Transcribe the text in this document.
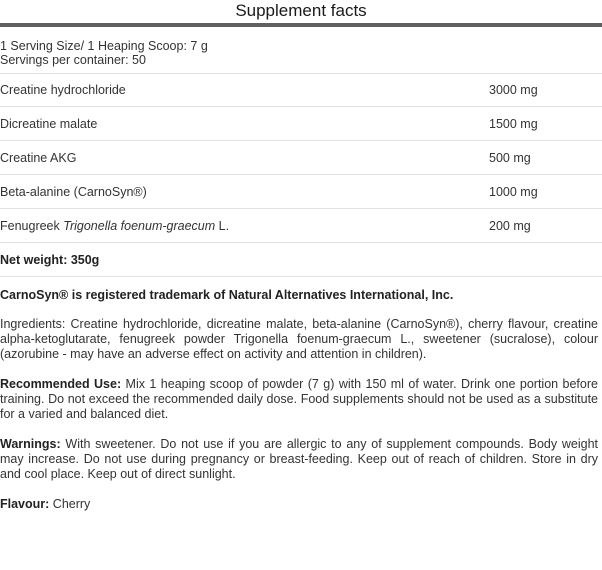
Supplement facts
1 Serving Size/ 1 Heaping Scoop: 7 g
Servings per container: 50
Creatine hydrochloride	3000 mg
Dicreatine malate	1500 mg
Creatine AKG	500 mg
Beta-alanine (CarnoSyn®)	1000 mg
Fenugreek Trigonella foenum-graecum L.	200 mg
Net weight: 350g
CarnoSyn® is registered trademark of Natural Alternatives International, Inc.
Ingredients: Creatine hydrochloride, dicreatine malate, beta-alanine (CarnoSyn®), cherry flavour, creatine alpha-ketoglutarate, fenugreek powder Trigonella foenum-graecum L., sweetener (sucralose), colour (azorubine - may have an adverse effect on activity and attention in children).
Recommended Use: Mix 1 heaping scoop of powder (7 g) with 150 ml of water. Drink one portion before training. Do not exceed the recommended daily dose. Food supplements should not be used as a substitute for a varied and balanced diet.
Warnings: With sweetener. Do not use if you are allergic to any of supplement compounds. Body weight may increase. Do not use during pregnancy or breast-feeding. Keep out of reach of children. Store in dry and cool place. Keep out of direct sunlight.
Flavour: Cherry
